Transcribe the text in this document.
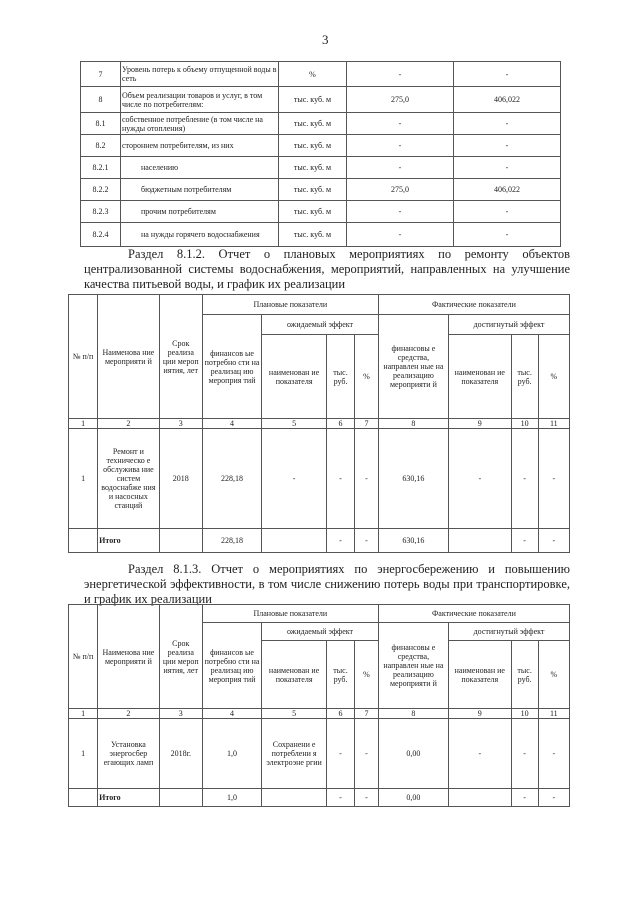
3
7	Уровень потерь к объему отпущенной воды в сеть	%	-	-
8	Объем реализации товаров и услуг, в том числе по потребителям:	тыс. куб. м	275,0	406,022
8.1	собственное потребление (в том числе на нужды отопления)	тыс. куб. м	-	-
8.2	стороннем потребителям, из них	тыс. куб. м	-	-
8.2.1	населению	тыс. куб. м	-	-
8.2.2	бюджетным потребителям	тыс. куб. м	275,0	406,022
8.2.3	прочим потребителям	тыс. куб. м	-	-
8.2.4	на нужды горячего водоснабжения	тыс. куб. м	-	-
Раздел 8.1.2. Отчет о плановых мероприятиях по ремонту объектов централизованной системы водоснабжения, мероприятий, направленных на улучшение качества питьевой воды, и график их реализации
№ п/п	Наименова ние мероприяти й	Срок реализа ции мероп иятия, лет	Плановые показатели				Фактические показатели			
			финансов ые потребно сти на реализац ию мероприя тий	ожидаемый эффект			финансовы е средства, направлен ные на реализацию мероприяти й	достигнутый эффект		
				наименован ие показателя	тыс. руб.	%		наименован ие показателя	тыс. руб.	%
1	2	3	4	5	6	7	8	9	10	11
1	Ремонт и техническо е обслужива ние систем водоснабже ния и насосных станций	2018	228,18	-	-	-	630,16	-	-	-
	Итого		228,18		-	-	630,16		-	-
Раздел 8.1.3. Отчет о мероприятиях по энергосбережению и повышению энергетической эффективности, в том числе снижению потерь воды при транспортировке, и график их реализации
№ п/п	Наименова ние мероприяти й	Срок реализа ции мероп иятия, лет	Плановые показатели				Фактические показатели			
			финансов ые потребно сти на реализац ию мероприя тий	ожидаемый эффект			финансовы е средства, направлен ные на реализацию мероприяти й	достигнутый эффект		
				наименован ие показателя	тыс. руб.	%		наименован ие показателя	тыс. руб.	%
1	2	3	4	5	6	7	8	9	10	11
1	Установка энергосбер егающих ламп	2018г.	1,0	Сохранени е потреблени я электроэне ргии	-	-	0,00	-	-	-
	Итого		1,0		-	-	0,00		-	-
